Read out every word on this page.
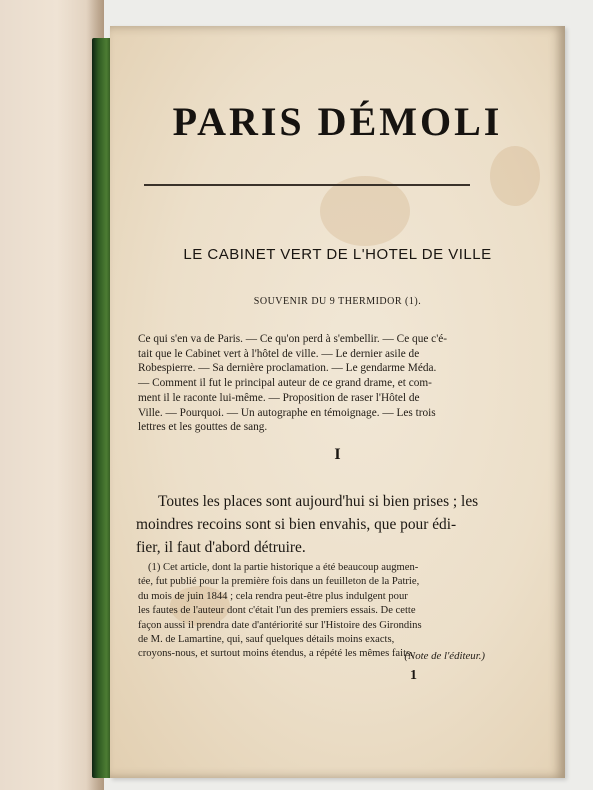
PARIS DÉMOLI
LE CABINET VERT DE L'HOTEL DE VILLE
SOUVENIR DU 9 THERMIDOR (1).
Ce qui s'en va de Paris. — Ce qu'on perd à s'embellir. — Ce que c'é-
tait que le Cabinet vert à l'hôtel de ville. — Le dernier asile de
Robespierre. — Sa dernière proclamation. — Le gendarme Méda.
— Comment il fut le principal auteur de ce grand drame, et com-
ment il le raconte lui-même. — Proposition de raser l'Hôtel de
Ville. — Pourquoi. — Un autographe en témoignage. — Les trois
lettres et les gouttes de sang.
I
Toutes les places sont aujourd'hui si bien prises ; les
moindres recoins sont si bien envahis, que pour édi-
fier, il faut d'abord détruire.
(1) Cet article, dont la partie historique a été beaucoup augmen-
tée, fut publié pour la première fois dans un feuilleton de la Patrie,
du mois de juin 1844 ; cela rendra peut-être plus indulgent pour
les fautes de l'auteur dont c'était l'un des premiers essais. De cette
façon aussi il prendra date d'antériorité sur l'Histoire des Girondins
de M. de Lamartine, qui, sauf quelques détails moins exacts,
croyons-nous, et surtout moins étendus, a répété les mêmes faits.
(Note de l'éditeur.)
1
